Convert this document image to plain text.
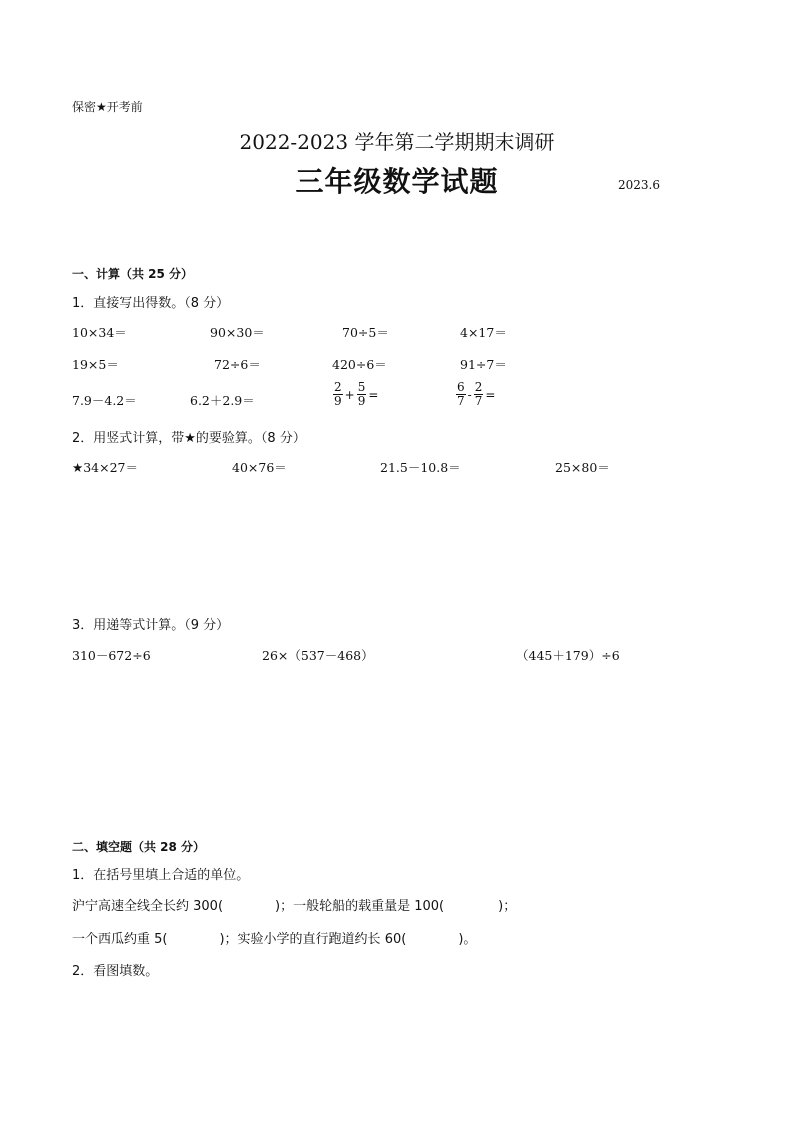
保密★开考前
2022-2023 学年第二学期期末调研
三年级数学试题	2023.6
一、计算（共 25 分）
1．直接写出得数。（8 分）
10×34＝	90×30＝	70÷5＝	4×17＝
19×5＝	72÷6＝	420÷6＝	91÷7＝
7.9－4.2＝	6.2＋2.9＝	$\frac{2}{9} + \frac{5}{9}$ =	$\frac{6}{7} - \frac{2}{7}$ =
2．用竖式计算，带★的要验算。（8 分）
★34×27＝	40×76＝	21.5－10.8＝	25×80＝
3．用递等式计算。（9 分）
310－672÷6	26×（537－468）	（445＋179）÷6
二、填空题（共 28 分）
1．在括号里填上合适的单位。
沪宁高速全线全长约 300(	)；一般轮船的载重量是 100(	)；
一个西瓜约重 5(	)；实验小学的直行跑道约长 60(	)。
2．看图填数。
